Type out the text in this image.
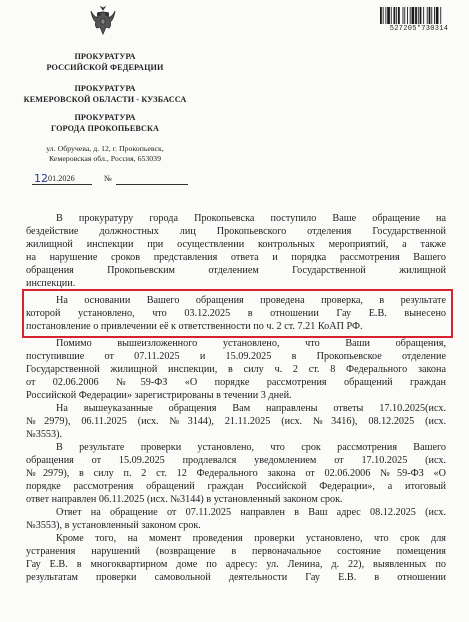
ПРОКУРАТУРА
РОССИЙСКОЙ ФЕДЕРАЦИИ
ПРОКУРАТУРА
КЕМЕРОВСКОЙ ОБЛАСТИ - КУЗБАССА
ПРОКУРАТУРА
ГОРОДА ПРОКОПЬЕВСКА
ул. Обручева, д. 12, г. Прокопьевск,
Кемеровская обл., Россия, 653039
527205*730314
12
.01.2026	№
В прокуратуру города Прокопьевска поступило Ваше обращение на
бездействие должностных лиц Прокопьевского отделения Государственной
жилищной инспекции при осуществлении контрольных мероприятий, а также
на нарушение сроков представления ответа и порядка рассмотрения Вашего
обращения Прокопьевским отделением Государственной жилищной
инспекции.
На основании Вашего обращения проведена проверка, в результате
которой установлено, что 03.12.2025 в отношении Гау Е.В. вынесено
постановление о привлечении её к ответственности по ч. 2 ст. 7.21 КоАП РФ.
Помимо вышеизложенного установлено, что Ваши обращения,
поступившие от 07.11.2025 и 15.09.2025 в Прокопьевское отделение
Государственной жилищной инспекции, в силу ч. 2 ст. 8 Федерального закона
от 02.06.2006 №59-ФЗ «О порядке рассмотрения обращений граждан
Российской Федерации» зарегистрированы в течении 3 дней.
На вышеуказанные обращения Вам направлены ответы 17.10.2025(исх.
№2979), 06.11.2025 (исх. №3144), 21.11.2025 (исх. №3416), 08.12.2025 (исх.
№3553).
В результате проверки установлено, что срок рассмотрения Вашего
обращения от 15.09.2025 продлевался уведомлением от 17.10.2025 (исх.
№2979), в силу п. 2 ст. 12 Федерального закона от 02.06.2006 №59-ФЗ «О
порядке рассмотрения обращений граждан Российской Федерации», а итоговый
ответ направлен 06.11.2025 (исх. №3144) в установленный законом срок.
Ответ на обращение от 07.11.2025 направлен в Ваш адрес 08.12.2025 (исх.
№3553), в установленный законом срок.
Кроме того, на момент проведения проверки установлено, что срок для
устранения нарушений (возвращение в первоначальное состояние помещения
Гау Е.В. в многоквартирном доме по адресу: ул. Ленина, д. 22), выявленных по
результатам проверки самовольной деятельности Гау Е.В. в отношении
